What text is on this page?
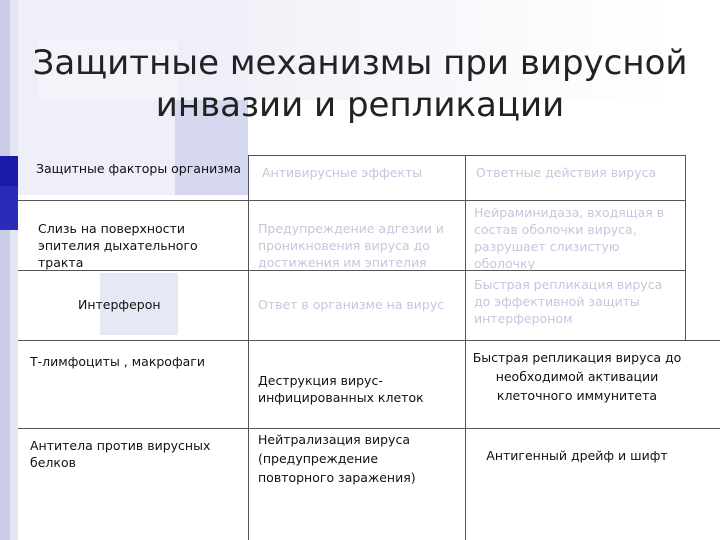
Защитные механизмы при вирусной инвазии и репликации
Защитные факторы организма Антивирусные эффекты	Ответные действия вируса
Слизь на поверхности эпителия дыхательного тракта
Предупреждение адгезии и проникновения вируса до достижения им эпителия
Нейраминидаза, входящая в состав оболочки вируса, разрушает слизистую оболочку
Интерферон	Ответ в организме на вирус
Быстрая репликация вируса до эффективной защиты интерфероном
Т-лимфоциты , макрофаги
Деструкция вирус-инфицированных клеток
Быстрая репликация вируса до необходимой активации клеточного иммунитета
Антитела против вирусных белков
Нейтрализация вируса (предупреждение повторного заражения)
Антигенный дрейф и шифт
